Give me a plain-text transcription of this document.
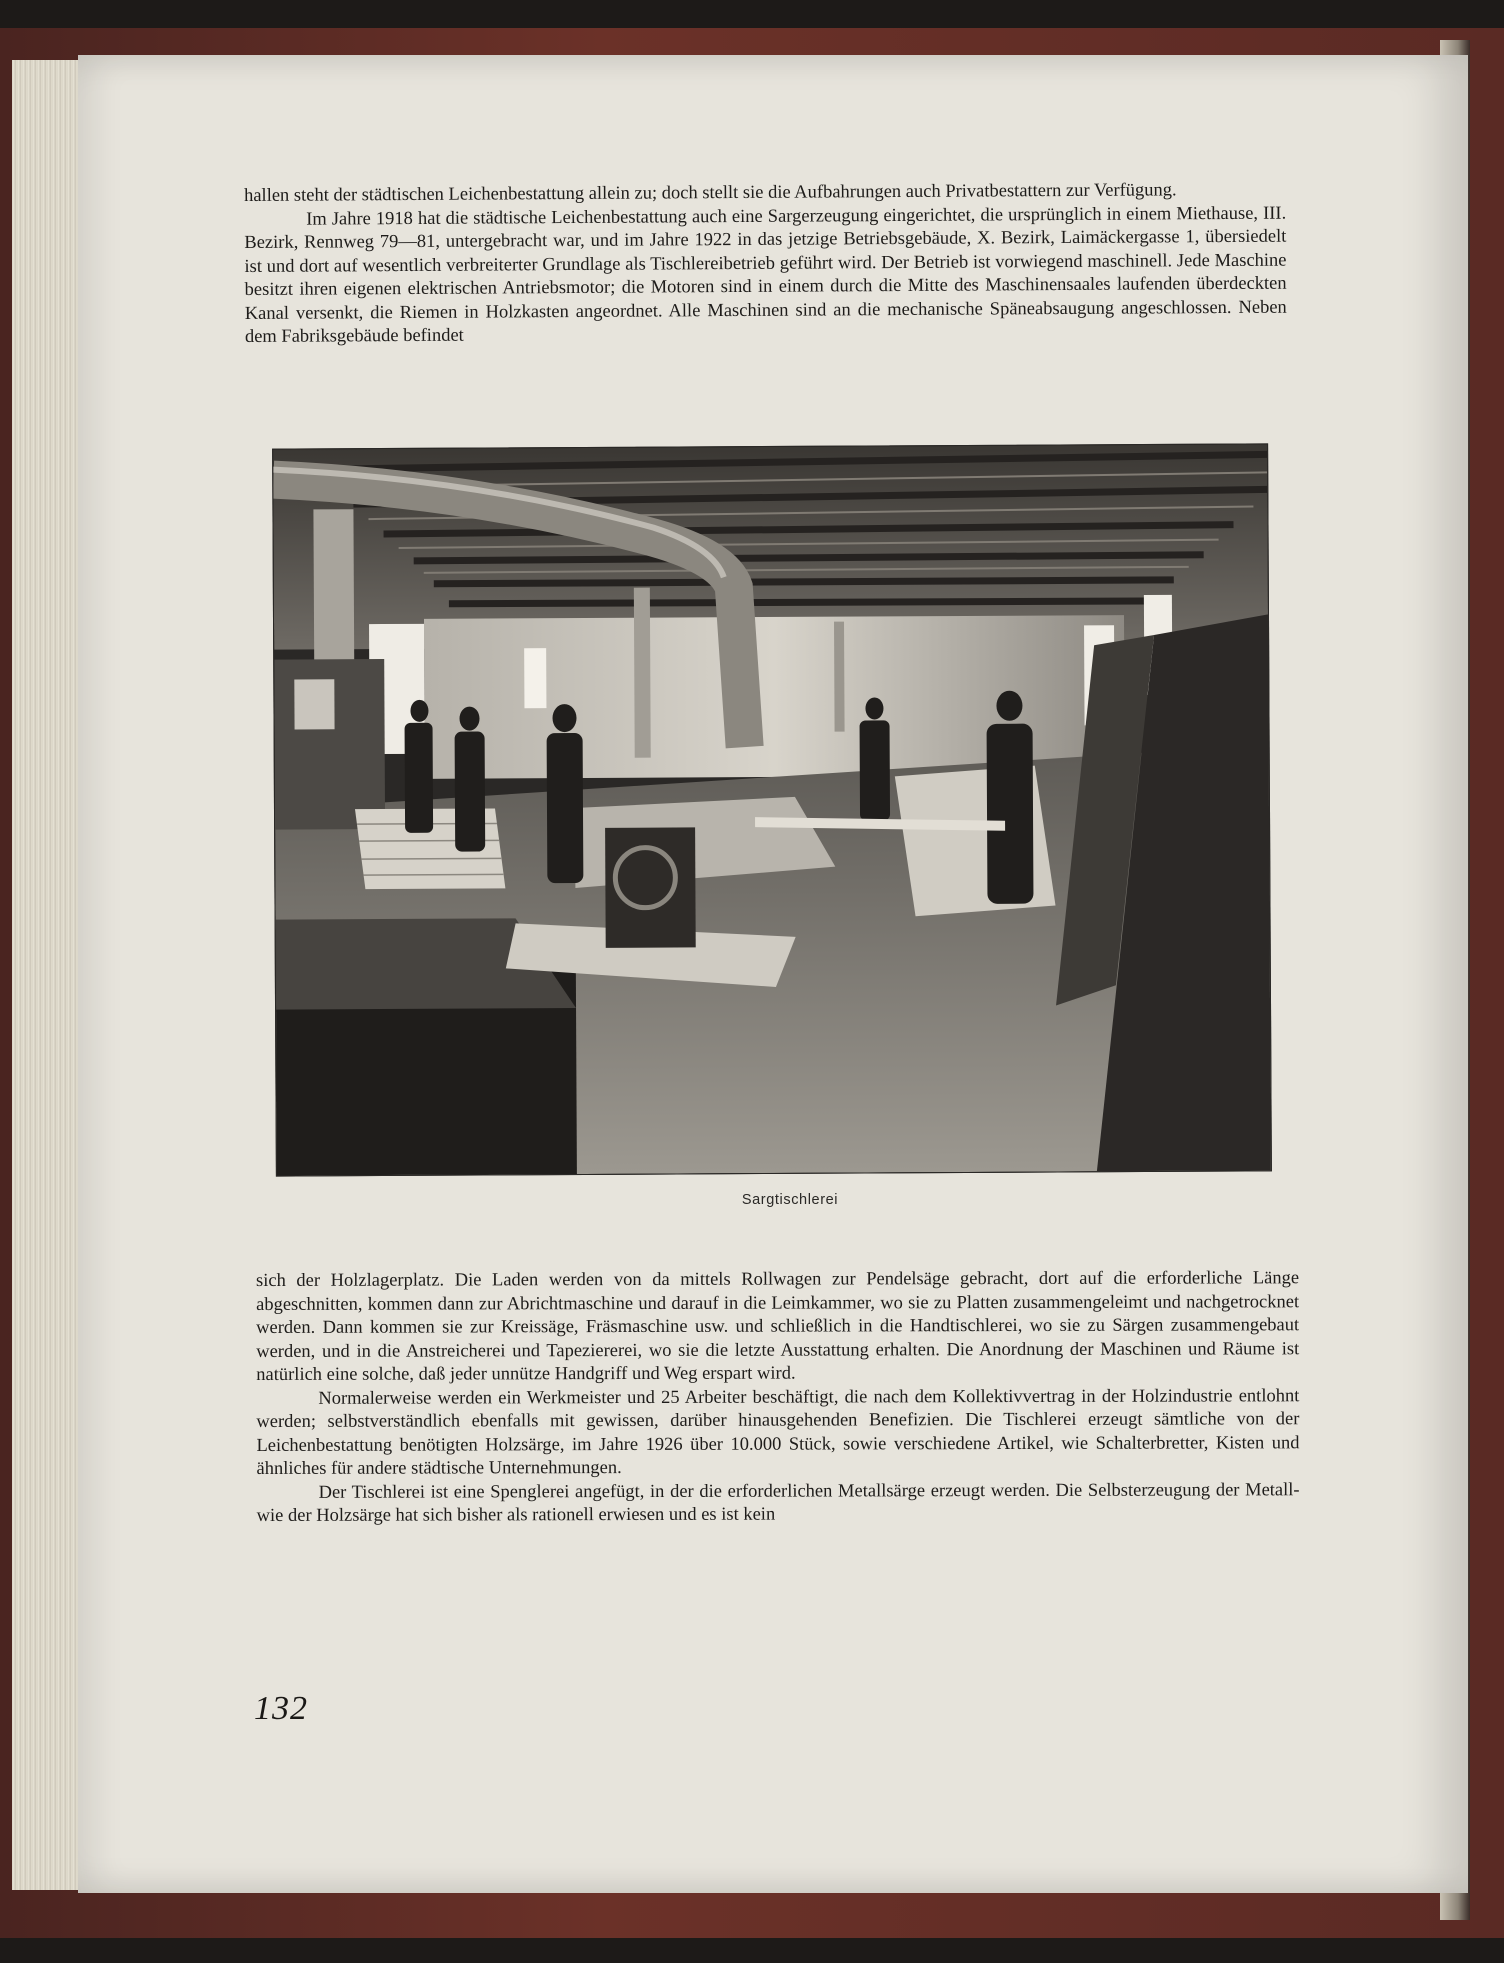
hallen steht der städtischen Leichenbestattung allein zu; doch stellt sie die Aufbahrungen auch Privatbestattern zur Verfügung.

Im Jahre 1918 hat die städtische Leichenbestattung auch eine Sargerzeugung eingerichtet, die ursprünglich in einem Miethause, III. Bezirk, Rennweg 79—81, untergebracht war, und im Jahre 1922 in das jetzige Betriebsgebäude, X. Bezirk, Laimäckergasse 1, übersiedelt ist und dort auf wesentlich verbreiterter Grundlage als Tischlereibetrieb geführt wird. Der Betrieb ist vorwiegend maschinell. Jede Maschine besitzt ihren eigenen elektrischen Antriebsmotor; die Motoren sind in einem durch die Mitte des Maschinensaales laufenden überdeckten Kanal versenkt, die Riemen in Holzkasten angeordnet. Alle Maschinen sind an die mechanische Späneabsaugung angeschlossen. Neben dem Fabriksgebäude befindet

Sargtischlerei

sich der Holzlagerplatz. Die Laden werden von da mittels Rollwagen zur Pendelsäge gebracht, dort auf die erforderliche Länge abgeschnitten, kommen dann zur Abrichtmaschine und darauf in die Leimkammer, wo sie zu Platten zusammengeleimt und nachgetrocknet werden. Dann kommen sie zur Kreissäge, Fräsmaschine usw. und schließlich in die Handtischlerei, wo sie zu Särgen zusammengebaut werden, und in die Anstreicherei und Tapeziererei, wo sie die letzte Ausstattung erhalten. Die Anordnung der Maschinen und Räume ist natürlich eine solche, daß jeder unnütze Handgriff und Weg erspart wird.

Normalerweise werden ein Werkmeister und 25 Arbeiter beschäftigt, die nach dem Kollektivvertrag in der Holzindustrie entlohnt werden; selbstverständlich ebenfalls mit gewissen, darüber hinausgehenden Benefizien. Die Tischlerei erzeugt sämtliche von der Leichenbestattung benötigten Holzsärge, im Jahre 1926 über 10.000 Stück, sowie verschiedene Artikel, wie Schalterbretter, Kisten und ähnliches für andere städtische Unternehmungen.

Der Tischlerei ist eine Spenglerei angefügt, in der die erforderlichen Metallsärge erzeugt werden. Die Selbsterzeugung der Metall- wie der Holzsärge hat sich bisher als rationell erwiesen und es ist kein

132
